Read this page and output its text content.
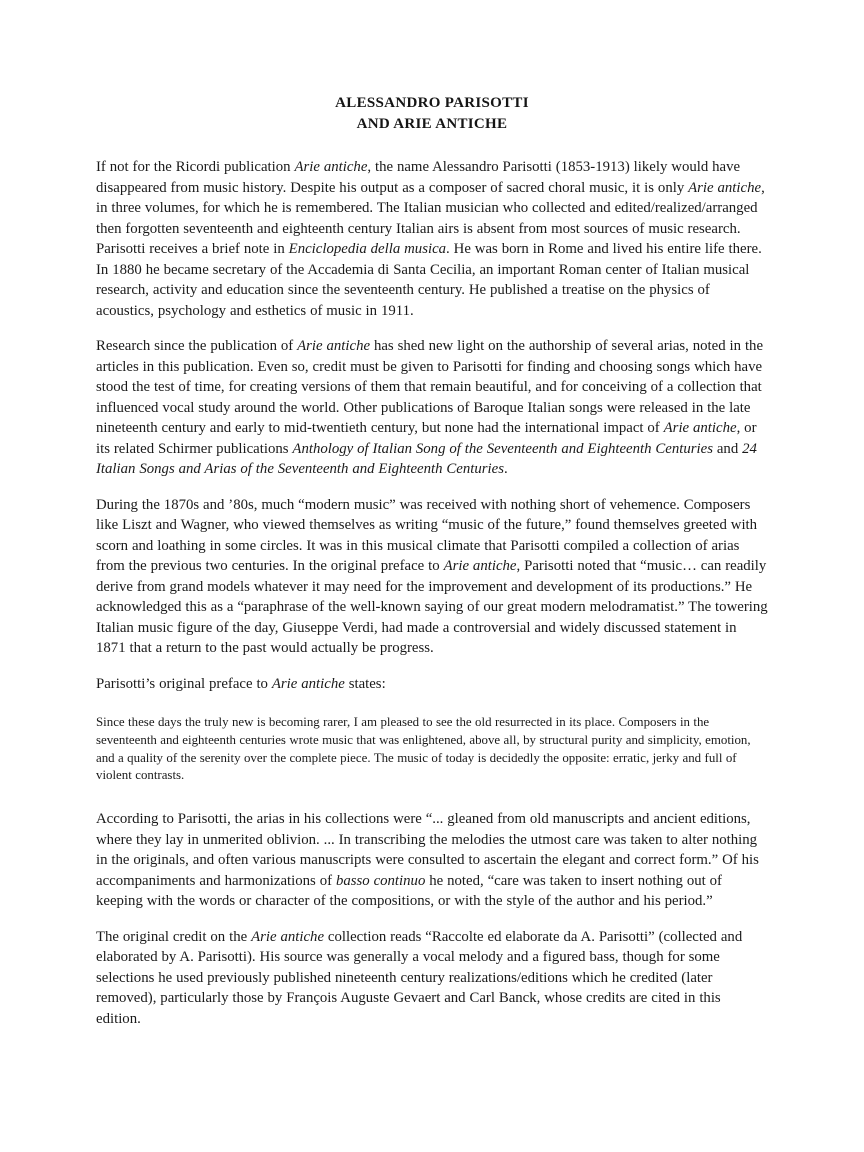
ALESSANDRO PARISOTTI
AND ARIE ANTICHE

If not for the Ricordi publication Arie antiche, the name Alessandro Parisotti (1853-1913) likely would have disappeared from music history. Despite his output as a composer of sacred choral music, it is only Arie antiche, in three volumes, for which he is remembered. The Italian musician who collected and edited/realized/arranged then forgotten seventeenth and eighteenth century Italian airs is absent from most sources of music research. Parisotti receives a brief note in Enciclopedia della musica. He was born in Rome and lived his entire life there. In 1880 he became secretary of the Accademia di Santa Cecilia, an important Roman center of Italian musical research, activity and education since the seventeenth century. He published a treatise on the physics of acoustics, psychology and esthetics of music in 1911.

Research since the publication of Arie antiche has shed new light on the authorship of several arias, noted in the articles in this publication. Even so, credit must be given to Parisotti for finding and choosing songs which have stood the test of time, for creating versions of them that remain beautiful, and for conceiving of a collection that influenced vocal study around the world. Other publications of Baroque Italian songs were released in the late nineteenth century and early to mid-twentieth century, but none had the international impact of Arie antiche, or its related Schirmer publications Anthology of Italian Song of the Seventeenth and Eighteenth Centuries and 24 Italian Songs and Arias of the Seventeenth and Eighteenth Centuries.

During the 1870s and ’80s, much “modern music” was received with nothing short of vehemence. Composers like Liszt and Wagner, who viewed themselves as writing “music of the future,” found themselves greeted with scorn and loathing in some circles. It was in this musical climate that Parisotti compiled a collection of arias from the previous two centuries. In the original preface to Arie antiche, Parisotti noted that “music… can readily derive from grand models whatever it may need for the improvement and development of its productions.” He acknowledged this as a “paraphrase of the well-known saying of our great modern melodramatist.” The towering Italian music figure of the day, Giuseppe Verdi, had made a controversial and widely discussed statement in 1871 that a return to the past would actually be progress.

Parisotti’s original preface to Arie antiche states:

Since these days the truly new is becoming rarer, I am pleased to see the old resurrected in its place. Composers in the seventeenth and eighteenth centuries wrote music that was enlightened, above all, by structural purity and simplicity, emotion, and a quality of the serenity over the complete piece. The music of today is decidedly the opposite: erratic, jerky and full of violent contrasts.

According to Parisotti, the arias in his collections were “... gleaned from old manuscripts and ancient editions, where they lay in unmerited oblivion. ... In transcribing the melodies the utmost care was taken to alter nothing in the originals, and often various manuscripts were consulted to ascertain the elegant and correct form.” Of his accompaniments and harmonizations of basso continuo he noted, “care was taken to insert nothing out of keeping with the words or character of the compositions, or with the style of the author and his period.”

The original credit on the Arie antiche collection reads “Raccolte ed elaborate da A. Parisotti” (collected and elaborated by A. Parisotti). His source was generally a vocal melody and a figured bass, though for some selections he used previously published nineteenth century realizations/editions which he credited (later removed), particularly those by François Auguste Gevaert and Carl Banck, whose credits are cited in this edition.
